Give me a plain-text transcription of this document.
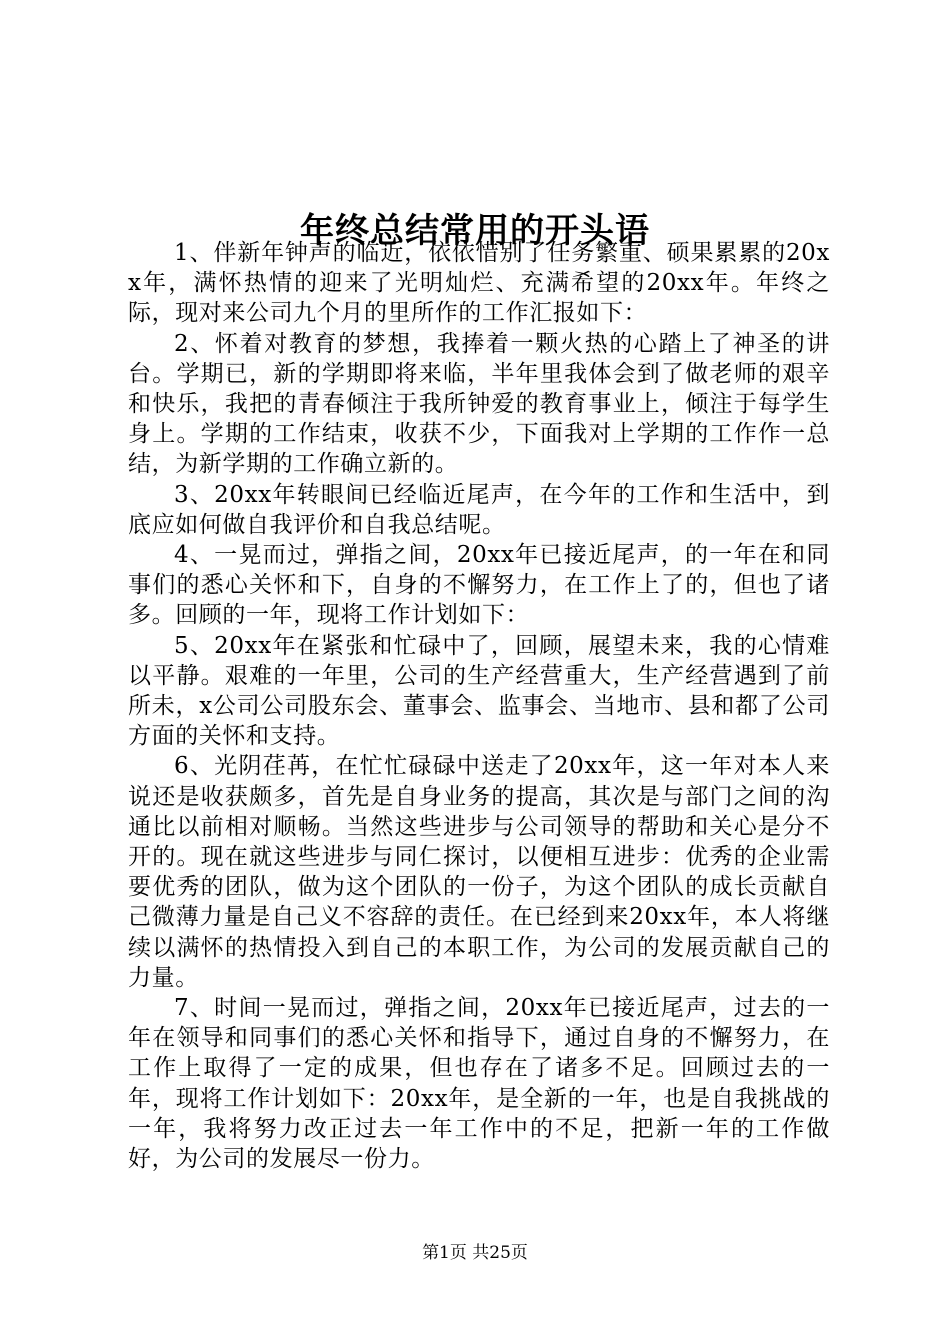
年终总结常用的开头语

1、伴新年钟声的临近，依依惜别了任务繁重、硕果累累的20xx年，满怀热情的迎来了光明灿烂、充满希望的20xx年。年终之际，现对来公司九个月的里所作的工作汇报如下：

2、怀着对教育的梦想，我捧着一颗火热的心踏上了神圣的讲台。学期已，新的学期即将来临，半年里我体会到了做老师的艰辛和快乐，我把的青春倾注于我所钟爱的教育事业上，倾注于每学生身上。学期的工作结束，收获不少，下面我对上学期的工作作一总结，为新学期的工作确立新的。

3、20xx年转眼间已经临近尾声，在今年的工作和生活中，到底应如何做自我评价和自我总结呢。

4、一晃而过，弹指之间，20xx年已接近尾声，的一年在和同事们的悉心关怀和下，自身的不懈努力，在工作上了的，但也了诸多。回顾的一年，现将工作计划如下：

5、20xx年在紧张和忙碌中了，回顾，展望未来，我的心情难以平静。艰难的一年里，公司的生产经营重大，生产经营遇到了前所未，x公司公司股东会、董事会、监事会、当地市、县和都了公司方面的关怀和支持。

6、光阴荏苒，在忙忙碌碌中送走了20xx年，这一年对本人来说还是收获颇多，首先是自身业务的提高，其次是与部门之间的沟通比以前相对顺畅。当然这些进步与公司领导的帮助和关心是分不开的。现在就这些进步与同仁探讨，以便相互进步：优秀的企业需要优秀的团队，做为这个团队的一份子，为这个团队的成长贡献自己微薄力量是自己义不容辞的责任。在已经到来20xx年，本人将继续以满怀的热情投入到自己的本职工作，为公司的发展贡献自己的力量。

7、时间一晃而过，弹指之间，20xx年已接近尾声，过去的一年在领导和同事们的悉心关怀和指导下，通过自身的不懈努力，在工作上取得了一定的成果，但也存在了诸多不足。回顾过去的一年，现将工作计划如下：20xx年，是全新的一年，也是自我挑战的一年，我将努力改正过去一年工作中的不足，把新一年的工作做好，为公司的发展尽一份力。

第1页 共25页
